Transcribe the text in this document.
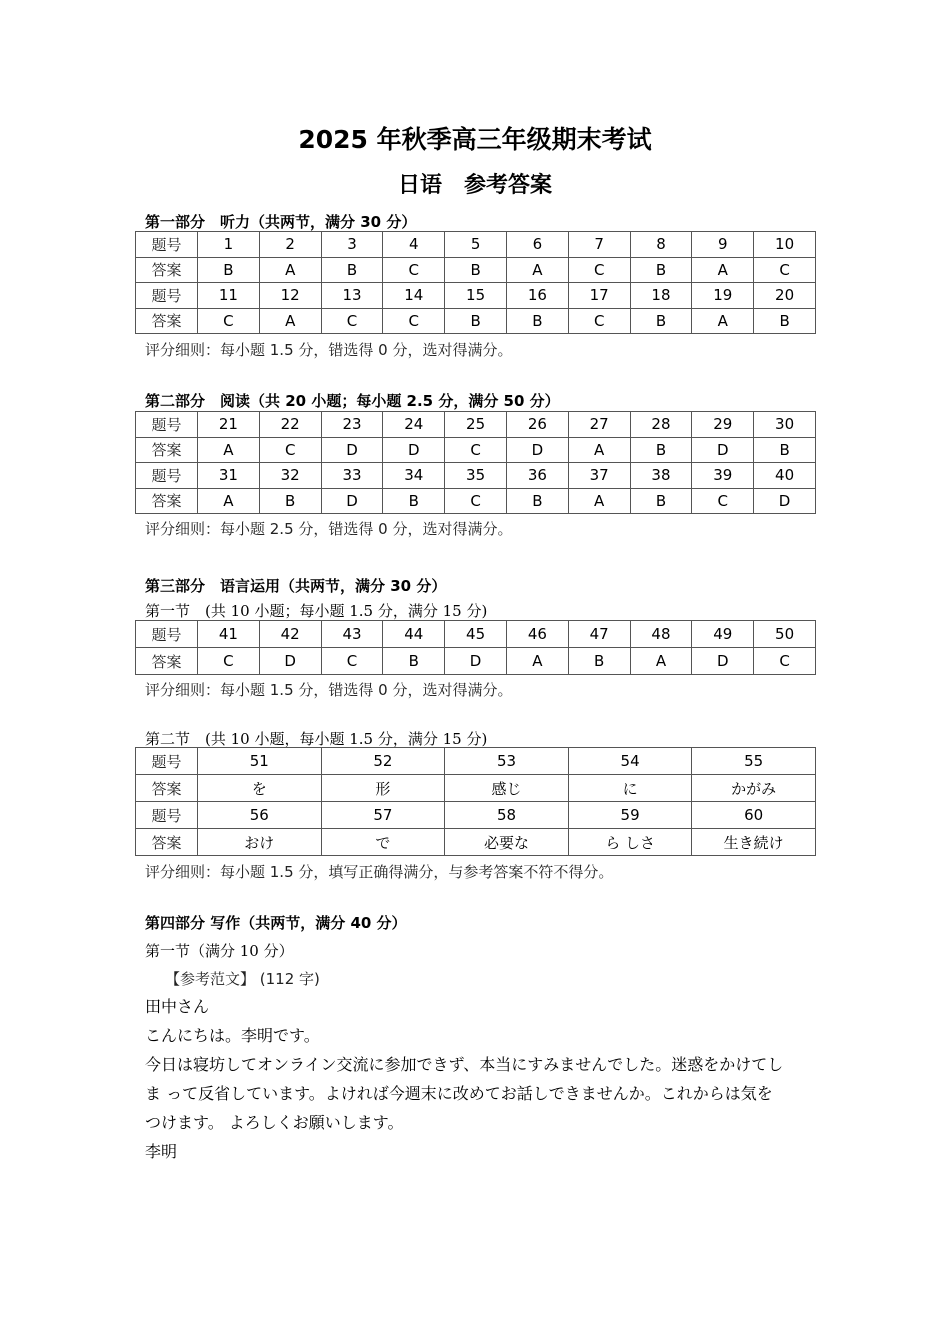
2025 年秋季高三年级期末考试
日语　参考答案
第一部分　听力（共两节，满分 30 分）
题号	1	2	3	4	5	6	7	8	9	10
答案	B	A	B	C	B	A	C	B	A	C
题号	11	12	13	14	15	16	17	18	19	20
答案	C	A	C	C	B	B	C	B	A	B
评分细则：每小题 1.5 分，错选得 0 分，选对得满分。
第二部分　阅读（共 20 小题；每小题 2.5 分，满分 50 分）
题号	21	22	23	24	25	26	27	28	29	30
答案	A	C	D	D	C	D	A	B	D	B
题号	31	32	33	34	35	36	37	38	39	40
答案	A	B	D	B	C	B	A	B	C	D
评分细则：每小题 2.5 分，错选得 0 分，选对得满分。
第三部分　语言运用（共两节，满分 30 分）
第一节　(共 10 小题；每小题 1.5 分，满分 15 分)
题号	41	42	43	44	45	46	47	48	49	50
答案	C	D	C	B	D	A	B	A	D	C
评分细则：每小题 1.5 分，错选得 0 分，选对得满分。
第二节　(共 10 小题，每小题 1.5 分，满分 15 分)
题号	51	52	53	54	55
答案	を	形	感じ	に	かがみ
题号	56	57	58	59	60
答案	おけ	で	必要な	ら しさ	生き続け
评分细则：每小题 1.5 分，填写正确得满分，与参考答案不符不得分。
第四部分 写作（共两节，满分 40 分）
第一节（满分 10 分）
【参考范文】 (112 字)
田中さん
こんにちは。李明です。
今日は寝坊してオンライン交流に参加できず、本当にすみませんでした。迷惑をかけてし
ま って反省しています。よければ今週末に改めてお話しできませんか。これからは気を
つけます。 よろしくお願いします。
李明
